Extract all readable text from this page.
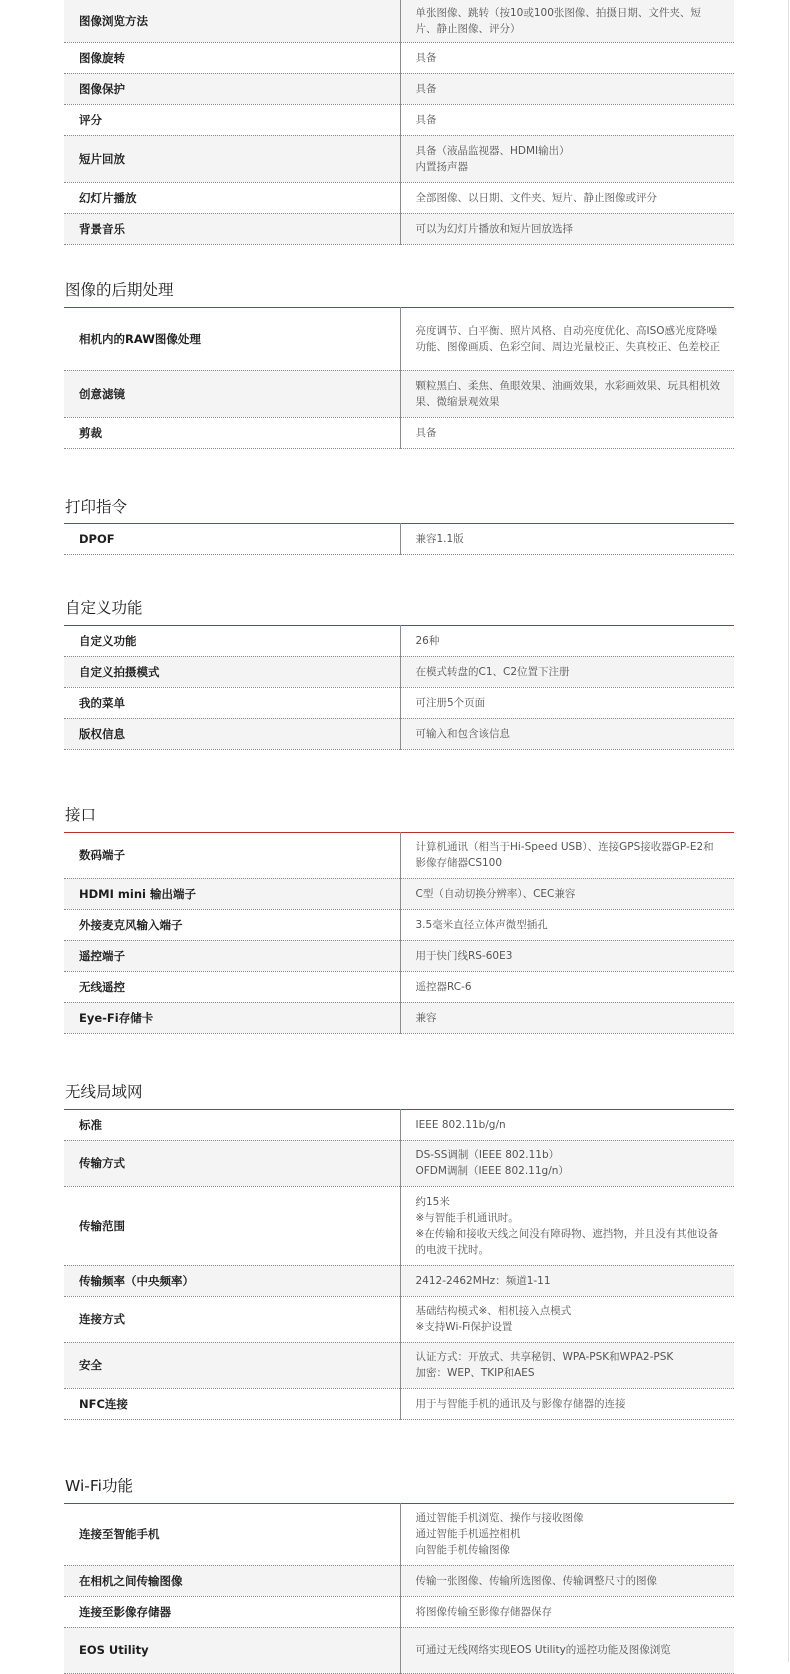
图像浏览方法	单张图像、跳转（按10或100张图像、拍摄日期、文件夹、短片、静止图像、评分）

图像旋转	具备

图像保护	具备

评分	具备

短片回放	具备（液晶监视器、HDMI输出）
内置扬声器

幻灯片播放	全部图像、以日期、文件夹、短片、静止图像或评分

背景音乐	可以为幻灯片播放和短片回放选择
图像的后期处理
相机内的RAW图像处理	亮度调节、白平衡、照片风格、自动亮度优化、高ISO感光度降噪功能、图像画质、色彩空间、周边光量校正、失真校正、色差校正

创意滤镜	颗粒黑白、柔焦、鱼眼效果、油画效果，水彩画效果、玩具相机效果、微缩景观效果

剪裁	具备
打印指令
DPOF	兼容1.1版
自定义功能
自定义功能	26种

自定义拍摄模式	在模式转盘的C1、C2位置下注册

我的菜单	可注册5个页面

版权信息	可输入和包含该信息
接口
数码端子	计算机通讯（相当于Hi-Speed USB）、连接GPS接收器GP-E2和影像存储器CS100

HDMI mini 输出端子	C型（自动切换分辨率）、CEC兼容

外接麦克风输入端子	3.5毫米直径立体声微型插孔

遥控端子	用于快门线RS-60E3

无线遥控	遥控器RC-6

Eye-Fi存储卡	兼容
无线局域网
标准	IEEE 802.11b/g/n

传输方式	DS-SS调制（IEEE 802.11b）
OFDM调制（IEEE 802.11g/n）

传输范围	约15米
※与智能手机通讯时。
※在传输和接收天线之间没有障碍物、遮挡物，并且没有其他设备的电波干扰时。

传输频率（中央频率）	2412-2462MHz：频道1-11

连接方式	基础结构模式※、相机接入点模式
※支持Wi-Fi保护设置

安全	认证方式：开放式、共享秘钥、WPA-PSK和WPA2-PSK
加密：WEP、TKIP和AES

NFC连接	用于与智能手机的通讯及与影像存储器的连接
Wi-Fi功能
连接至智能手机	通过智能手机浏览、操作与接收图像
通过智能手机遥控相机
向智能手机传输图像

在相机之间传输图像	传输一张图像、传输所选图像、传输调整尺寸的图像

连接至影像存储器	将图像传输至影像存储器保存

EOS Utility	可通过无线网络实现EOS Utility的遥控功能及图像浏览
